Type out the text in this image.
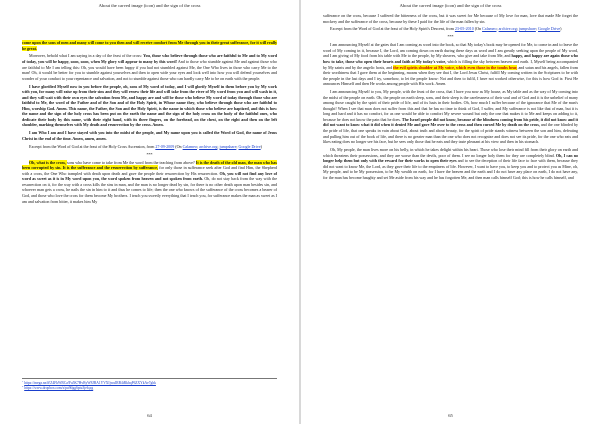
About the carved image (icon) and the sign of the cross

come upon the sons of men and many will come to you then and will receive comfort from Me through you in their great sufferance, for it will really be great.

Moreover, behold what I am saying in a day of the feast of the cross: You, those who believe through those who are faithful to Me and to My word of today, you will be happy, soon, soon, when My glory will appear to many by this word! And to those who stumble against Me and against those who are faithful to Me I am telling this: Oh, you would have been happy if you had not stumbled against Me, the One Who lives in those who carry Me to the man! Oh, it would be better for you to stumble against yourselves and then to open wide your eyes and look well into how you will defend yourselves and wonder of your conduct to your repentance and salvation, and not to stumble against those who can hardly carry Me to be on earth with the people.

I have glorified Myself now in you before the people, oh, sons of My word of today, and I will glorify Myself in them before you by My work with you, for many will raise up from their sins and they will renew their life and will take from the river of My word from you and will wash in it, and they will wait with their own eyes the salvation from Me, and happy are and will be those who believe My word of today through those who are faithful to Me, the word of the Father and of the Son and of the Holy Spirit, in Whose name they, who believe through those who are faithful to Him, worship God. Amen. This name, the Father, the Son and the Holy Spirit, is the name in which those who believe are baptized, and this is how the name and the sign of the holy cross has been put on the earth the name and the sign of the holy cross on the body of the faithful ones, who dedicate their body by this name, with their right hand, with its three fingers, on the forehead, on the chest, on the right and then on the left shoulder, marking themselves with My death and resurrection by the cross. Amen.

I am Who I am and I have stayed with you into the midst of the people, and My name upon you is called the Word of God, the name of Jesus Christ in the end of the time. Amen, amen, amen.

Excerpt from the Word of God at the feast of the Holy Cross Ascension, from 27-09-2009 (On Calameo; archive.org; jumpshare; Google Drive)

***

Oh, what is the cross, sons who have come to take from Me the word from the teaching from above? It is the death of the old man, the man who has been corrupted by sin. It is the sufferance and the resurrection by sufferance, for only those in sufferance seek after God and find Him, the Shepherd with a cross, the One Who trampled with death upon death and gave the people their resurrection by His resurrection. Oh, you will not find any love of word as sweet as it is in My word upon you, the word spoken from heaven and not spoken from earth. Oh, do not stay back from the way with the resurrection on it, for the way with a cross kills the sins in man, and the man is no longer dead by sin, for there is no other death upon man besides sin, and whoever man gets a cross, he nails the sin in him to it and thus he comes to life; then the one who knows of the sufferance of the cross becomes a bearer of God, and those who love the cross for them become My brothers. I teach you sweetly everything that I teach you, for sufferance makes the man as sweet as I am and salvation from bitter, it makes him My

$^1$ https://mega.nz/#!Z4FkWBCa!Fa5K7HvRyW8JBA1YVXIjwuIRB4tRkhqP6ZXYkAe7gbk
$^2$ https://www.dropbox.com/s/pu9tlgg6ptu3jeb.pg
64
About the carved image (icon) and the sign of the cross

sufferance on the cross, because I suffered the bitterness of the cross, but it was sweet for Me because of My love for man, love that made Me forget the mockery and the sufferance of the cross, because by these I paid for the life of the man fallen by sin.

Excerpt from the Word of God at the feast of the Holy Spirit's Descent, from 23-05-2010 (On Calameo; archive.org; jumpshare; Google Drive)

***

I am announcing Myself at the gates that I am coming as word into the book, so that My today's book may be opened for Me, to come in and to leave the word of My coming in it, because I, the Lord, am coming down on earth during these days as word and I am greatly seeking upon the people of My word, and I am giving of My food from his table with Me to the people, by My sheaves, who give and take from Me, and happy, and happy are again those who bow to take, those who open their hearts and faith at My today's voice, which is filling the sky between heaven and earth. I, Myself being accompanied by My saints and by the angelic hosts, and the evil spirits shudder at My voice, which even those in the tombs hear, and satan and his angels, fallen from their worthiness that I gave them at the beginning, moans when they see that I, the Lord Jesus Christ, fulfill My coming written in the Scriptures to be with the people in the last days and I try, somehow, to let the people know: Not and then to fulfil, I have not worked otherwise, for this is how God is: First He announces Himself and then He works among people with His work. Amen.

I am announcing Myself to you, My people, with the feast of the cross, that I have you now as My house, as My table and as the way of My coming into the midst of the people on earth. Oh, the people on earth sleep, sons, and their sleep is the carelessness of their soul and of God and it is the unbelief of many among those caught by the spirit of their pride of life, and of its lusts in their bodies. Oh, how much I suffer because of the ignorance that Me of the man's thought! When I see that man does not suffer from this and that he has no time to think of God, I suffer, and My sufferance is not like that of man, but it is long and hard and it has no comfort, for as one would be able to comfort My severe wound but only the one that makes it to Me and keeps on adding to it, because he does not know the pain that he does. The Israel people did not know, because of the blindness coming from his pride, it did not know and it did not want to know what it did when it denied Me and gave Me over to the cross and then cursed Me by death on the cross, and the one blinded by the pride of life, that one speaks in vain about God, about truth and about beauty, for the spirit of pride stands witness between the son and him, defeating and pulling him out of the book of life, and there is no greater man than the one who does not recognize and does not see its pride, for the one who eats and likes eating does no longer see his face, but he sees only those that he eats and they taste pleasant at his view and then in his stomach.

Oh, My people, the man lives more on his belly, in which he takes delight within his heart. Those who lose their mind fill from their glory on earth and which threatens their possessions, and they are worse than the devils, poor of them. I see no longer holy them for they are completely blind. Oh, I can no longer help them but only with the reward for their works to open their eyes and to see the deception of their life face to face with them, because they did not want to know Me, the Lord, as they gave their life to the emptiness of life. However, I want to have you, to keep you and to protect you as Mine, oh, My people, and to be My possession, to be My wealth on earth, for I have the heaven and the earth and I do not have any place on earth, I do not have any, for the man has become haughty and set Me aside from his way and he has forgotten Me, and then man calls himself God; this is how he calls himself, and

65
